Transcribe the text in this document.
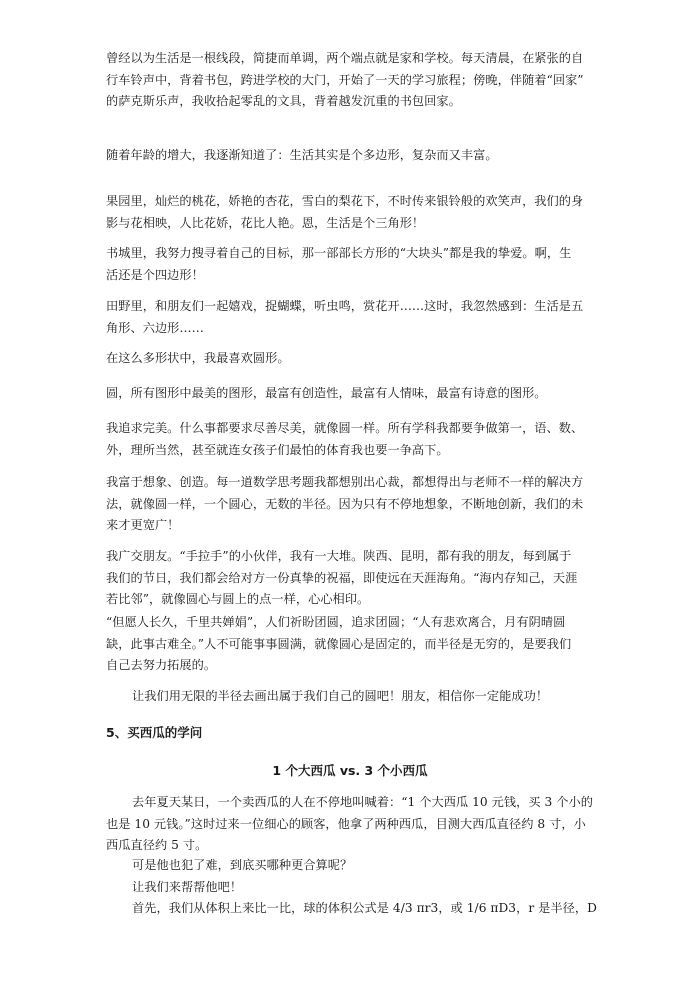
曾经以为生活是一根线段，简捷而单调，两个端点就是家和学校。每天清晨，在紧张的自
行车铃声中，背着书包，跨进学校的大门，开始了一天的学习旅程；傍晚，伴随着“回家”
的萨克斯乐声，我收拾起零乱的文具，背着越发沉重的书包回家。
随着年龄的增大，我逐渐知道了：生活其实是个多边形，复杂而又丰富。
果园里，灿烂的桃花，娇艳的杏花，雪白的梨花下，不时传来银铃般的欢笑声，我们的身
影与花相映，人比花娇，花比人艳。恩，生活是个三角形！
书城里，我努力搜寻着自己的目标，那一部部长方形的“大块头”都是我的挚爱。啊，生
活还是个四边形！
田野里，和朋友们一起嬉戏，捉蝴蝶，听虫鸣，赏花开……这时，我忽然感到：生活是五
角形、六边形……
在这么多形状中，我最喜欢圆形。
圆，所有图形中最美的图形，最富有创造性，最富有人情味，最富有诗意的图形。
我追求完美。什么事都要求尽善尽美，就像圆一样。所有学科我都要争做第一，语、数、
外，理所当然，甚至就连女孩子们最怕的体育我也要一争高下。
我富于想象、创造。每一道数学思考题我都想别出心裁，都想得出与老师不一样的解决方
法，就像圆一样，一个圆心，无数的半径。因为只有不停地想象，不断地创新，我们的未
来才更宽广！
我广交朋友。“手拉手”的小伙伴，我有一大堆。陕西、昆明，都有我的朋友，每到属于
我们的节日，我们都会给对方一份真挚的祝福，即使远在天涯海角。“海内存知己，天涯
若比邻”，就像圆心与圆上的点一样，心心相印。
“但愿人长久，千里共婵娟”，人们祈盼团圆，追求团圆；“人有悲欢离合，月有阴晴圆
缺，此事古难全。”人不可能事事圆满，就像圆心是固定的，而半径是无穷的，是要我们
自己去努力拓展的。
让我们用无限的半径去画出属于我们自己的圆吧！朋友，相信你一定能成功！
5、买西瓜的学问
1 个大西瓜 vs. 3 个小西瓜
去年夏天某日，一个卖西瓜的人在不停地叫喊着：“1 个大西瓜 10 元钱，买 3 个小的
也是 10 元钱。”这时过来一位细心的顾客，他拿了两种西瓜，目测大西瓜直径约 8 寸，小
西瓜直径约 5 寸。
可是他也犯了难，到底买哪种更合算呢？
让我们来帮帮他吧！
首先，我们从体积上来比一比，球的体积公式是 4/3 πr3，或 1/6 πD3，r 是半径，D
